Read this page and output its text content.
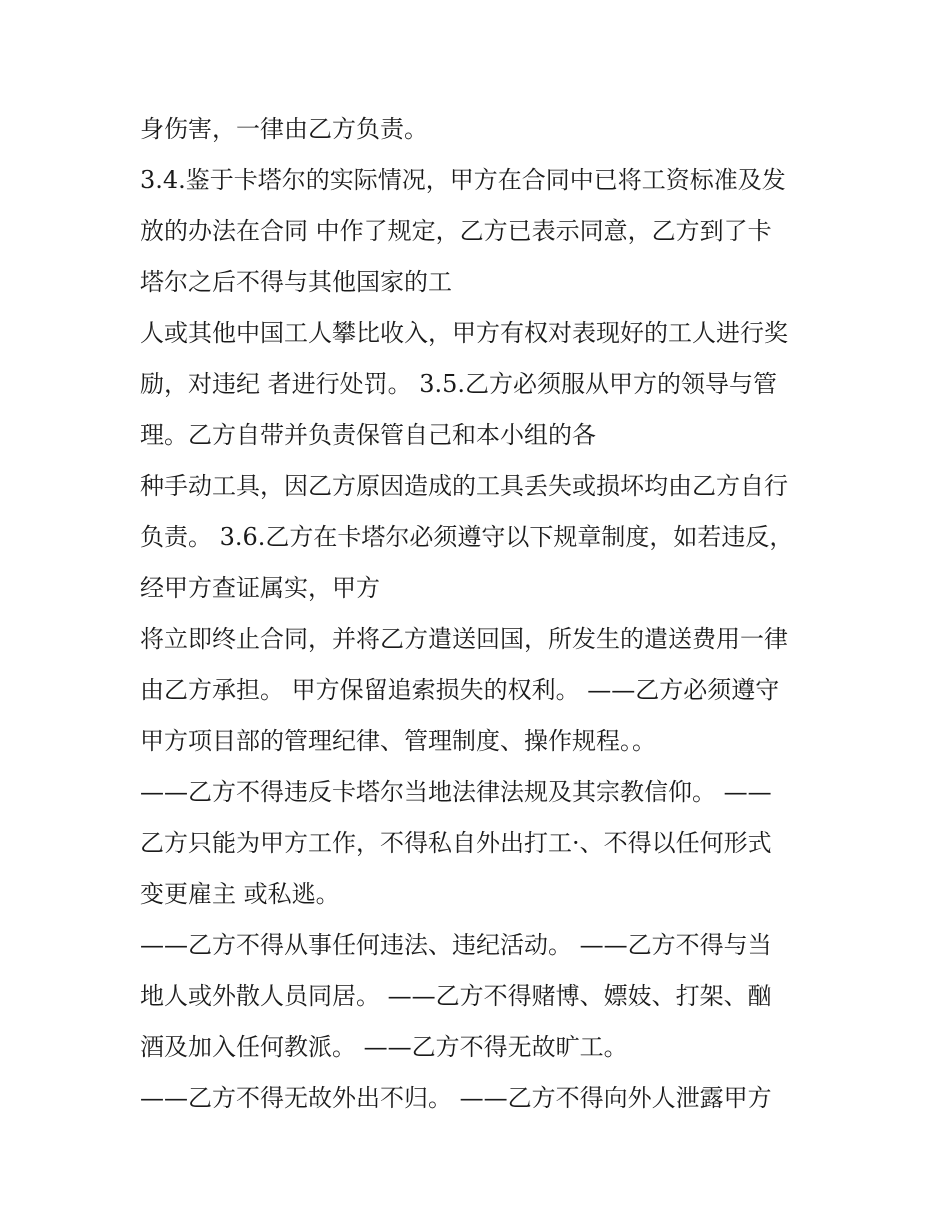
身伤害，一律由乙方负责。
3.4.鉴于卡塔尔的实际情况，甲方在合同中已将工资标准及发
放的办法在合同 中作了规定，乙方已表示同意，乙方到了卡
塔尔之后不得与其他国家的工
人或其他中国工人攀比收入，甲方有权对表现好的工人进行奖
励，对违纪 者进行处罚。 3.5.乙方必须服从甲方的领导与管
理。乙方自带并负责保管自己和本小组的各
种手动工具，因乙方原因造成的工具丢失或损坏均由乙方自行
负责。 3.6.乙方在卡塔尔必须遵守以下规章制度，如若违反，
经甲方查证属实，甲方
将立即终止合同，并将乙方遣送回国，所发生的遣送费用一律
由乙方承担。 甲方保留追索损失的权利。 ——乙方必须遵守
甲方项目部的管理纪律、管理制度、操作规程。。
——乙方不得违反卡塔尔当地法律法规及其宗教信仰。 ——
乙方只能为甲方工作，不得私自外出打工·、不得以任何形式
变更雇主 或私逃。
——乙方不得从事任何违法、违纪活动。 ——乙方不得与当
地人或外散人员同居。 ——乙方不得赌博、嫖妓、打架、酗
酒及加入任何教派。 ——乙方不得无故旷工。
——乙方不得无故外出不归。 ——乙方不得向外人泄露甲方
